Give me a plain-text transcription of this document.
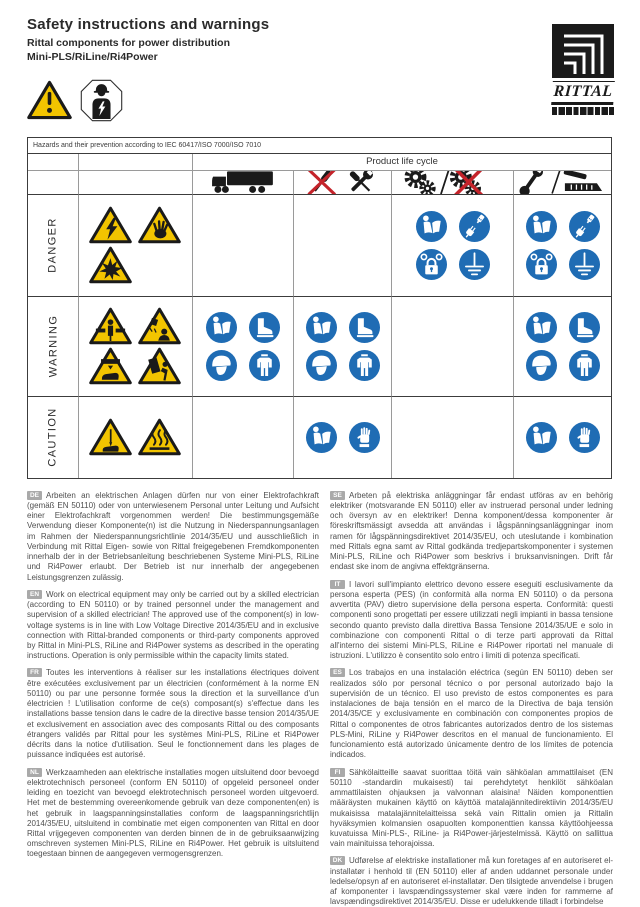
Safety instructions and warnings

Rittal components for power distribution

Mini-PLS/RiLine/Ri4Power

RITTAL
Hazards and their prevention according to IEC 60417/ISO 7000/ISO 7010
Product life cycle
DANGER
WARNING
CAUTION

DE Arbeiten an elektrischen Anlagen dürfen nur von einer Elektrofachkraft (gemäß EN 50110) oder von unterwiesenem Personal unter Leitung und Aufsicht einer Elektrofachkraft vorgenommen werden! Die bestimmungsgemäße Verwendung dieser Komponente(n) ist die Nutzung in Niederspannungsanlagen im Rahmen der Niederspannungsrichtlinie 2014/35/EU und ausschließlich in Verbindung mit Rittal Eigen- sowie von Rittal freigegebenen Fremdkomponenten innerhalb der in der Betriebsanleitung beschriebenen Systeme Mini-PLS, RiLine und Ri4Power erlaubt. Der Betrieb ist nur innerhalb der angegebenen Leistungsgrenzen zulässig.

EN Work on electrical equipment may only be carried out by a skilled electrician (according to EN 50110) or by trained personnel under the management and supervision of a skilled electrician! The approved use of the component(s) in low-voltage systems is in line with Low Voltage Directive 2014/35/EU and in exclusive connection with Rittal-branded components or third-party components approved by Rittal in Mini-PLS, RiLine and Ri4Power systems as described in the operating instructions. Operation is only permissible within the capacity limits stated.

FR Toutes les interventions à réaliser sur les installations électriques doivent être exécutées exclusivement par un électricien (conformément à la norme EN 50110) ou par une personne formée sous la direction et la surveillance d'un électricien ! L'utilisation conforme de ce(s) composant(s) s'effectue dans les installations basse tension dans le cadre de la directive basse tension 2014/35/UE et exclusivement en association avec des composants Rittal ou des composants étrangers validés par Rittal pour les systèmes Mini-PLS, RiLine et Ri4Power décrits dans la notice d'utilisation. Seul le fonctionnement dans les plages de puissance indiquées est autorisé.

NL Werkzaamheden aan elektrische installaties mogen uitsluitend door bevoegd elektrotechnisch personeel (conform EN 50110) of opgeleid personeel onder leiding en toezicht van bevoegd elektrotechnisch personeel worden uitgevoerd. Het met de bestemming overeenkomende gebruik van deze componenten(en) is het gebruik in laagspanningsinstallaties conform de laagspanningsrichtlijn 2014/35/EU, uitsluitend in combinatie met eigen componenten van Rittal en door Rittal vrijgegeven componenten van derden binnen de in de gebruiksaanwijzing omschreven systemen Mini-PLS, RiLine en Ri4Power. Het gebruik is uitsluitend toegestaan binnen de aangegeven vermogensgrenzen.

SE Arbeten på elektriska anläggningar får endast utföras av en behörig elektriker (motsvarande EN 50110) eller av instruerad personal under ledning och översyn av en elektriker! Denna komponent/dessa komponenter är föreskriftsmässigt avsedda att användas i lågspänningsanläggningar inom ramen för lågspänningsdirektivet 2014/35/EU, och uteslutande i kombination med Rittals egna samt av Rittal godkända tredjepartskomponenter i systemen Mini-PLS, RiLine och Ri4Power som beskrivs i bruksanvisningen. Drift får endast ske inom de angivna effektgränserna.

IT I lavori sull'impianto elettrico devono essere eseguiti esclusivamente da persona esperta (PES) (in conformità alla norma EN 50110) o da persona avvertita (PAV) dietro supervisione della persona esperta. Conformità: questi componenti sono progettati per essere utilizzati negli impianti in bassa tensione secondo quanto previsto dalla direttiva Bassa Tensione 2014/35/UE e solo in combinazione con componenti Rittal o di terze parti approvati da Rittal all'interno dei sistemi Mini-PLS, RiLine e Ri4Power riportati nel manuale di istruzioni. L'utilizzo è consentito solo entro i limiti di potenza specificati.

ES Los trabajos en una instalación eléctrica (según EN 50110) deben ser realizados sólo por personal técnico o por personal autorizado bajo la supervisión de un técnico. El uso previsto de estos componentes es para instalaciones de baja tensión en el marco de la Directiva de baja tensión 2014/35/CE y exclusivamente en combinación con componentes propios de Rittal o componentes de otros fabricantes autorizados dentro de los sistemas PLS-Mini, RiLine y Ri4Power descritos en el manual de funcionamiento. El funcionamiento está autorizado únicamente dentro de los límites de potencia indicados.

FI Sähkölaitteille saavat suorittaa töitä vain sähköalan ammattilaiset (EN 50110 -standardin mukaisesti) tai perehdytetyt henkilöt sähköalan ammattilaisten ohjauksen ja valvonnan alaisina! Näiden komponenttien määräysten mukainen käyttö on käyttöä matalajännitedirektiivin 2014/35/EU mukaisissa matalajännitelaitteissa sekä vain Rittalin omien ja Rittalin hyväksymien kolmansien osapuolten komponenttien kanssa käyttöohjeessa kuvatuissa Mini-PLS-, RiLine- ja Ri4Power-järjestelmissä. Käyttö on sallittua vain mainituissa tehorajoissa.

DK Udførelse af elektriske installationer må kun foretages af en autoriseret el-installatør i henhold til (EN 50110) eller af anden uddannet personale under ledelse/opsyn af en autoriseret el-installatør. Den tilsigtede anvendelse i brugen af komponenter i lavspændingssystemer skal være inden for rammerne af lavspændingsdirektivet 2014/35/EU. Disse er udelukkende tilladt i forbindelse
